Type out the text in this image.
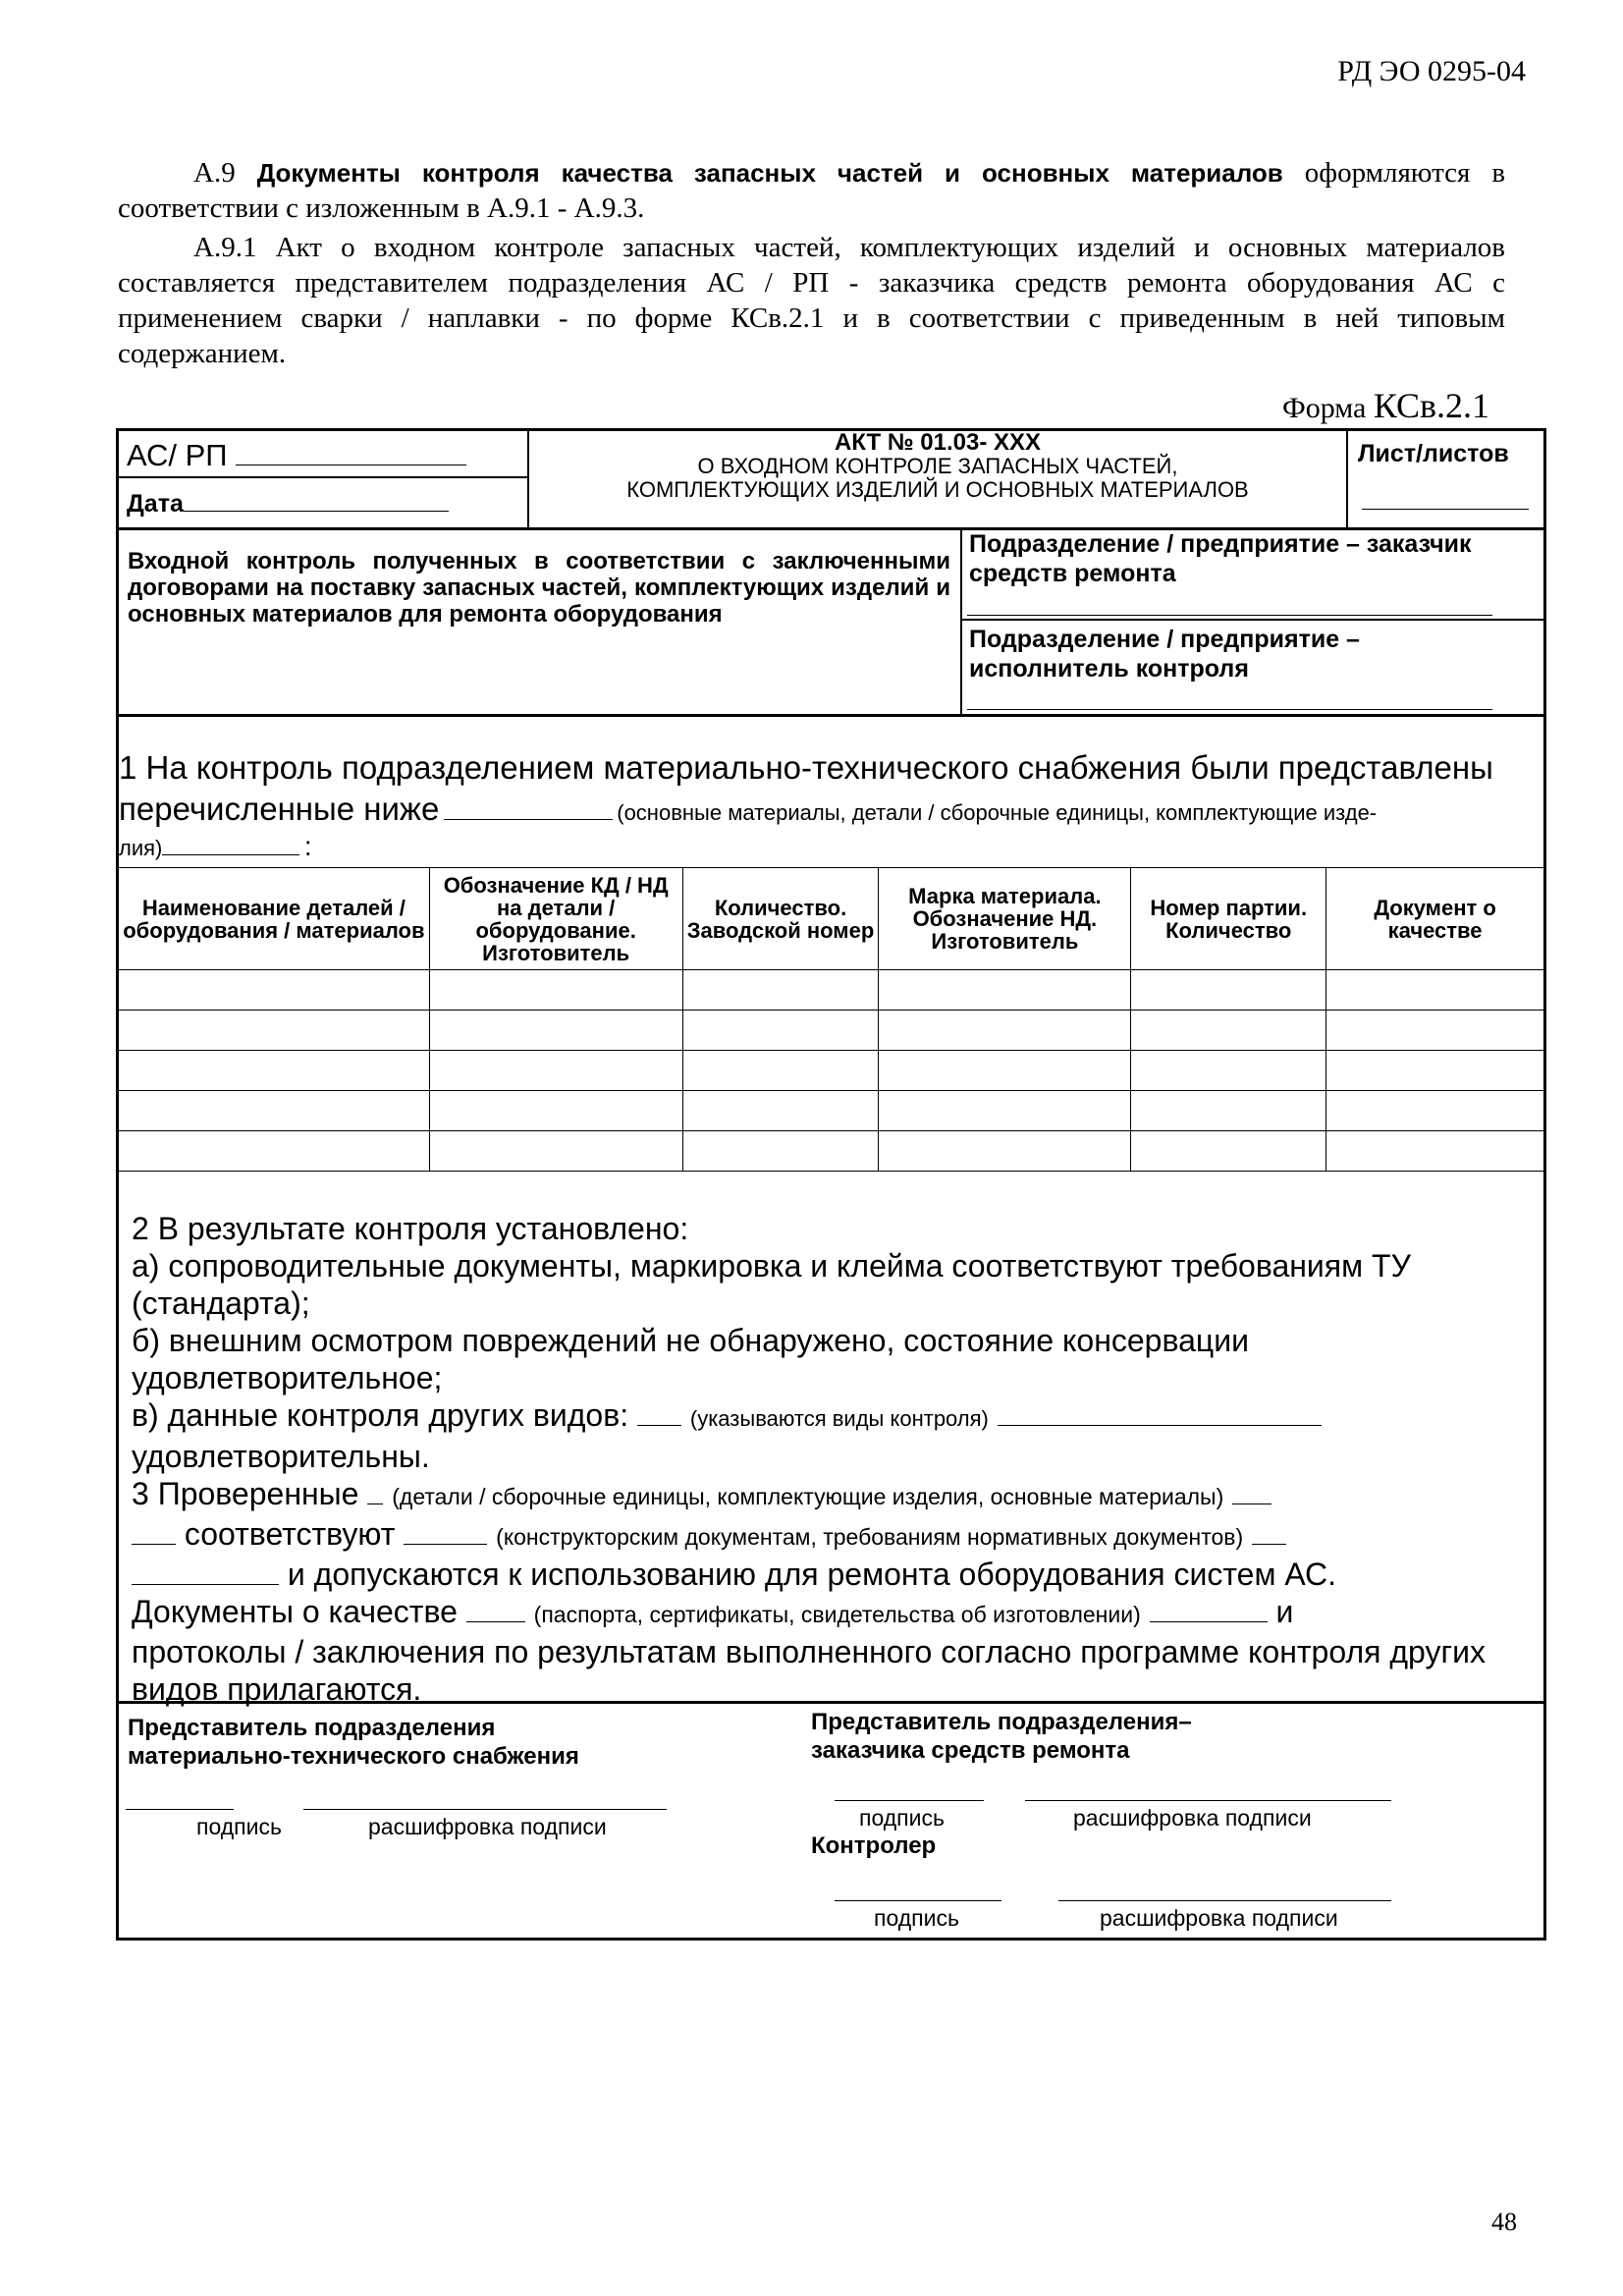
РД ЭО 0295-04
А.9 Документы контроля качества запасных частей и основных материалов оформляются в соответствии с изложенным в А.9.1 - А.9.3.
А.9.1 Акт о входном контроле запасных частей, комплектующих изделий и основных материалов составляется представителем подразделения АС / РП - заказчика средств ремонта оборудования АС с применением сварки / наплавки - по форме КСв.2.1 и в соответствии с приведенным в ней типовым содержанием.
Форма КСв.2.1
АС/ РП
Дата
АКТ № 01.03- ХХХ
О ВХОДНОМ КОНТРОЛЕ ЗАПАСНЫХ ЧАСТЕЙ,
КОМПЛЕКТУЮЩИХ ИЗДЕЛИЙ И ОСНОВНЫХ МАТЕРИАЛОВ
Лист/листов
Входной контроль полученных в соответствии с заключенными договорами на поставку запасных частей, комплектующих изделий и основных материалов для ремонта оборудования
Подразделение / предприятие – заказчик средств ремонта
Подразделение / предприятие – исполнитель контроля
1 На контроль подразделением материально-технического снабжения были представлены
перечисленные ниже	(основные материалы, детали / сборочные единицы, комплектующие изде-
лия)	:
Наименование деталей / оборудования / материалов	Обозначение КД / НД на детали / оборудование. Изготовитель	Количество. Заводской номер	Марка материала. Обозначение НД. Изготовитель	Номер партии. Количество	Документ о качестве

2 В результате контроля установлено:
а) сопроводительные документы, маркировка и клейма соответствуют требованиям ТУ (стандарта);
б) внешним осмотром повреждений не обнаружено, состояние консервации удовлетворительное;
в) данные контроля других видов:	(указываются виды контроля)
удовлетворительны.
3 Проверенные (детали / сборочные единицы, комплектующие изделия, основные материалы)
соответствуют	(конструкторским документам, требованиям нормативных документов)
и допускаются к использованию для ремонта оборудования систем АС.
Документы о качестве	(паспорта, сертификаты, свидетельства об изготовлении)	и
протоколы / заключения по результатам выполненного согласно программе контроля других видов прилагаются.
Представитель подразделения
материально-технического снабжения
подпись	расшифровка подписи
Представитель подразделения–
заказчика средств ремонта
подпись	расшифровка подписи
Контролер
подпись	расшифровка подписи
48
